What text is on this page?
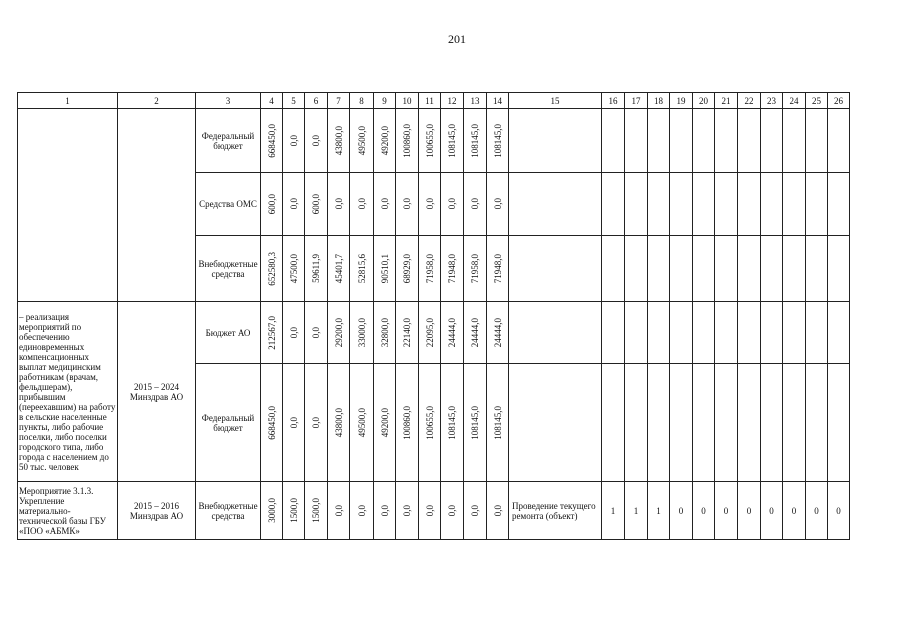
201
1	2	3	4	5	6	7	8	9	10	11	12	13	14	15	16	17	18	19	20	21	22	23	24	25	26
		Федеральный бюджет	668450,0	0,0	0,0	43800,0	49500,0	49200,0	100860,0	100655,0	108145,0	108145,0	108145,0												

		Средства ОМС	600,0	0,0	600,0	0,0	0,0	0,0	0,0	0,0	0,0	0,0	0,0												

		Внебюджетные средства	652580,3	47500,0	59611,9	45401,7	52815,6	90510,1	68929,0	71958,0	71948,0	71958,0	71948,0												

– реализация мероприятий по обеспечению единовременных компенсационных выплат медицинским работникам (врачам, фельдшерам), прибывшим (переехавшим) на работу в сельские населенные пункты, либо рабочие поселки, либо поселки городского типа, либо города с населением до 50 тыс. человек	2015 – 2024 Минздрав АО	Бюджет АО	212567,0	0,0	0,0	29200,0	33000,0	32800,0	22140,0	22095,0	24444,0	24444,0	24444,0												

		Федеральный бюджет	668450,0	0,0	0,0	43800,0	49500,0	49200,0	100860,0	100655,0	108145,0	108145,0	108145,0												

Мероприятие 3.1.3. Укрепление материально-технической базы ГБУ «ПОО «АБМК»	2015 – 2016 Минздрав АО	Внебюджетные средства	3000,0	1500,0	1500,0	0,0	0,0	0,0	0,0	0,0	0,0	0,0	0,0	Проведение текущего ремонта (объект)	1	1	1	0	0	0	0	0	0	0	0
